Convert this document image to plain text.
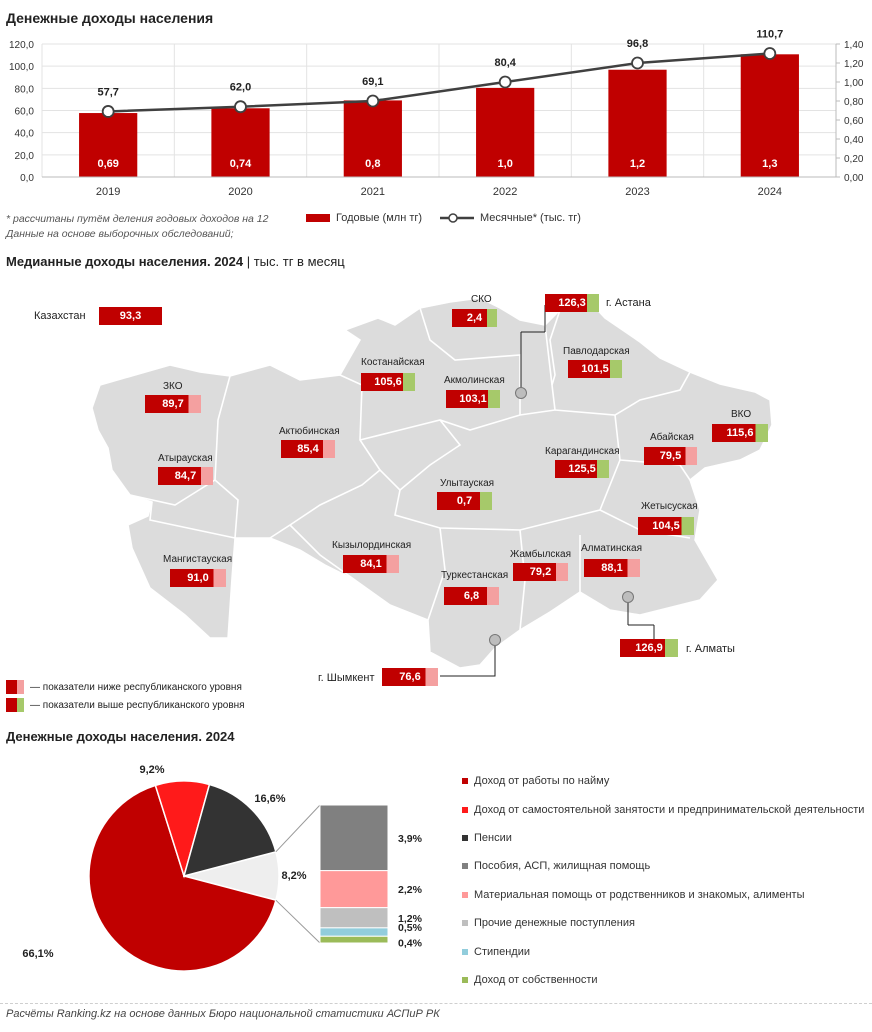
Денежные доходы населения
0,69
57,7
0,74
62,0
0,8
69,1
1,0
80,4
1,2
96,8
1,3
110,7
0,0
20,0
40,0
60,0
80,0
100,0
120,0
0,00
0,20
0,40
0,60
0,80
1,00
1,20
1,40
2019	2020	2021	2022	2023	2024
* рассчитаны путём деления годовых доходов на 12
Данные на основе выборочных обследований;
Годовые (млн тг)	Месячные* (тыс. тг)
Медианные доходы населения. 2024 | тыс. тг в месяц
Казахстан	93,3
СКО
2,4
126,3	г. Астана
Костанайская
105,6	Акмолинская
103,1
Павлодарская
101,5
ЗКО
89,7
Актюбинская
85,4
ВКО
115,6
Абайская
79,5
Карагандинская
125,5
Атырауская
84,7
Улытауская
0,7	Жетысуская
104,5
Мангистауская
91,0
Кызылординская
84,1
Жамбылская
79,2
Алматинская
88,1
Туркестанская
6,8
126,9	г. Алматы
г. Шымкент	76,6
— показатели ниже республиканского уровня
— показатели выше республиканского уровня
Денежные доходы населения. 2024
3,9%
2,2%
1,2%
0,5%
0,4%
66,1%
9,2%
16,6%
8,2%
Доход от работы по найму
Доход от самостоятельной занятости и предпринимательской деятельности
Пенсии
Пособия, АСП, жилищная помощь
Материальная помощь от родственников и знакомых, алименты
Прочие денежные поступления
Стипендии
Доход от собственности
Расчёты Ranking.kz на основе данных Бюро национальной статистики АСПиР РК
